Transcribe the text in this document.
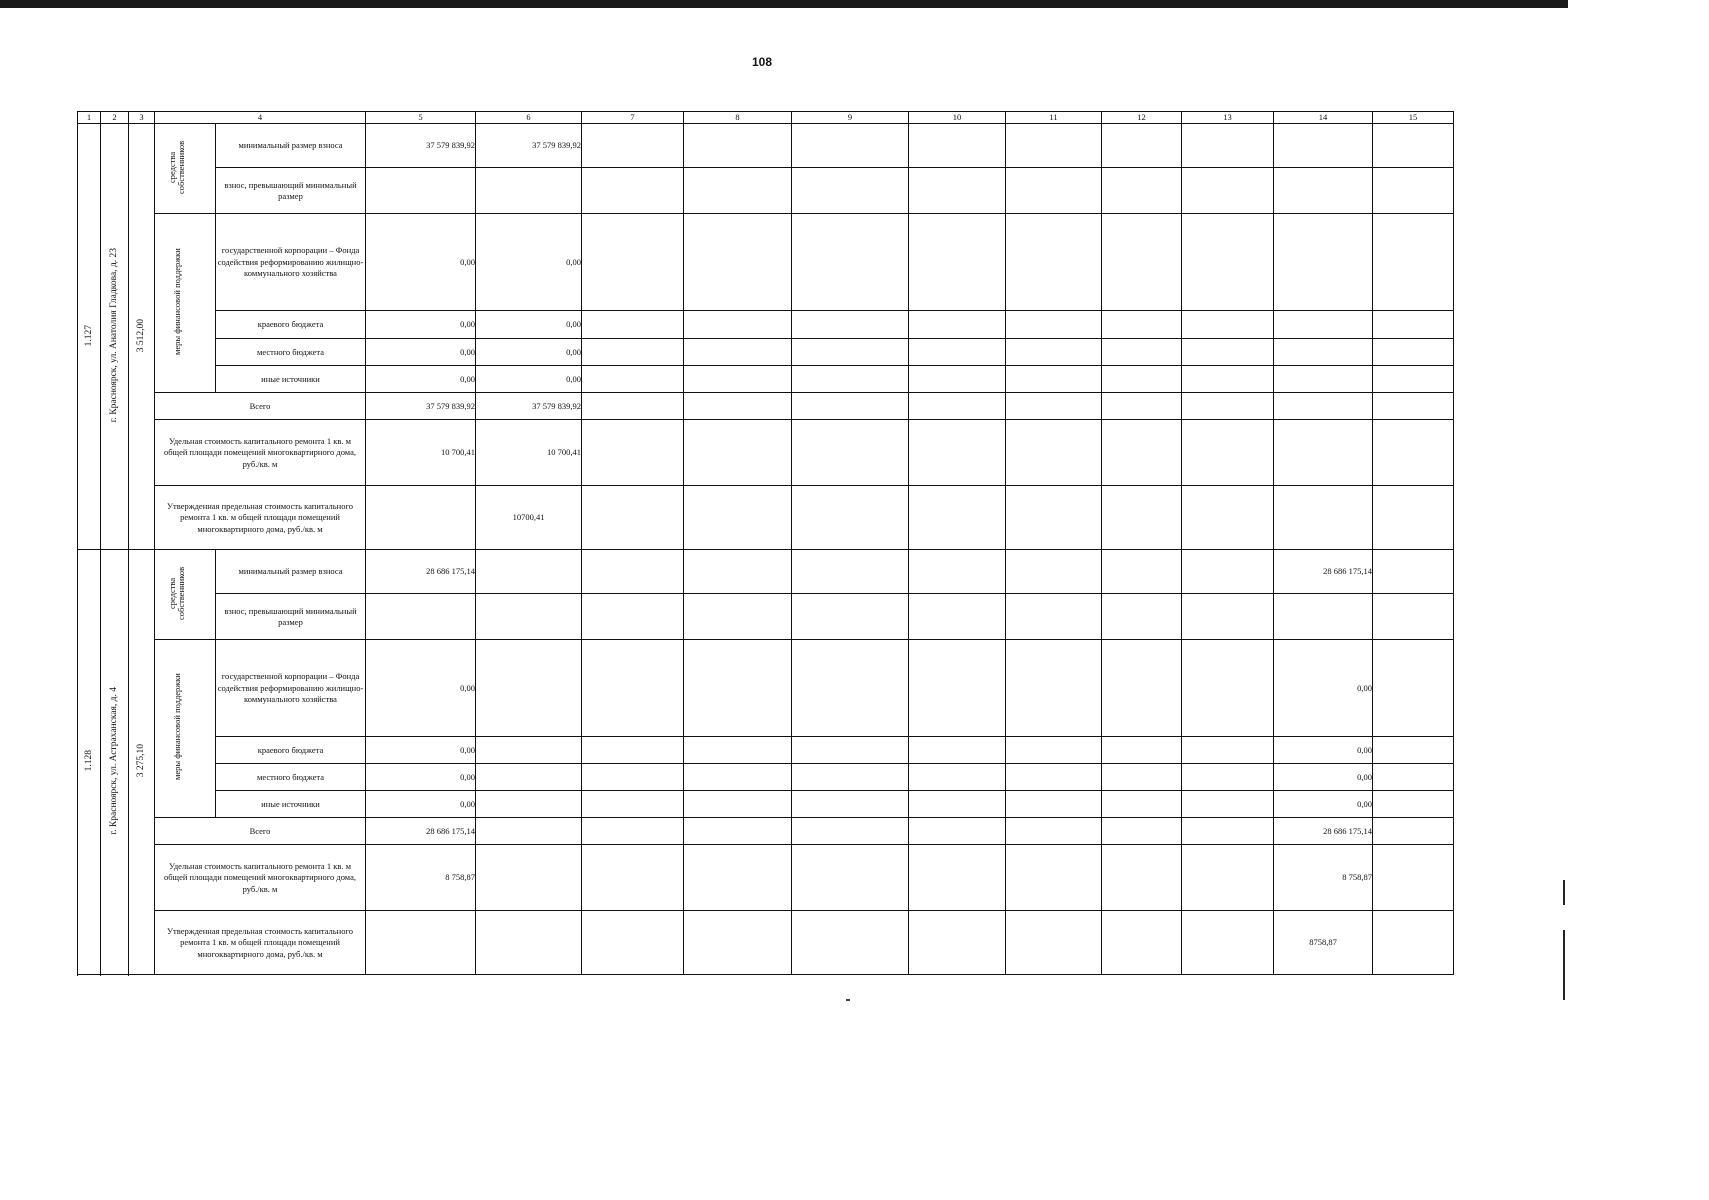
108
1	2	3	4		5	6	7	8	9	10	11	12	13	14	15
1.127	г. Красноярск, ул. Анатолия Гладкова, д. 23	3 512,00	средства собственников	минимальный размер взноса	37 579 839,92	37 579 839,92									
				взнос, превышающий минимальный размер											
			меры финансовой поддержки	государственной корпорации – Фонда содействия реформированию жилищно-коммунального хозяйства	0,00	0,00									
				краевого бюджета	0,00	0,00									
				местного бюджета	0,00	0,00									
				иные источники	0,00	0,00									
			Всего		37 579 839,92	37 579 839,92									
			Удельная стоимость капитального ремонта 1 кв. м общей площади помещений многоквартирного дома, руб./кв. м		10 700,41	10 700,41									
			Утвержденная предельная стоимость капитального ремонта 1 кв. м общей площади помещений многоквартирного дома, руб./кв. м			10700,41									

1.128	г. Красноярск, ул. Астраханская, д. 4	3 275,10	средства собственников	минимальный размер взноса	28 686 175,14									28 686 175,14	
				взнос, превышающий минимальный размер											
			меры финансовой поддержки	государственной корпорации – Фонда содействия реформированию жилищно-коммунального хозяйства	0,00									0,00	
				краевого бюджета	0,00									0,00	
				местного бюджета	0,00									0,00	
				иные источники	0,00									0,00	
			Всего		28 686 175,14									28 686 175,14	
			Удельная стоимость капитального ремонта 1 кв. м общей площади помещений многоквартирного дома, руб./кв. м		8 758,87									8 758,87	
			Утвержденная предельная стоимость капитального ремонта 1 кв. м общей площади помещений многоквартирного дома, руб./кв. м											8758,87	
